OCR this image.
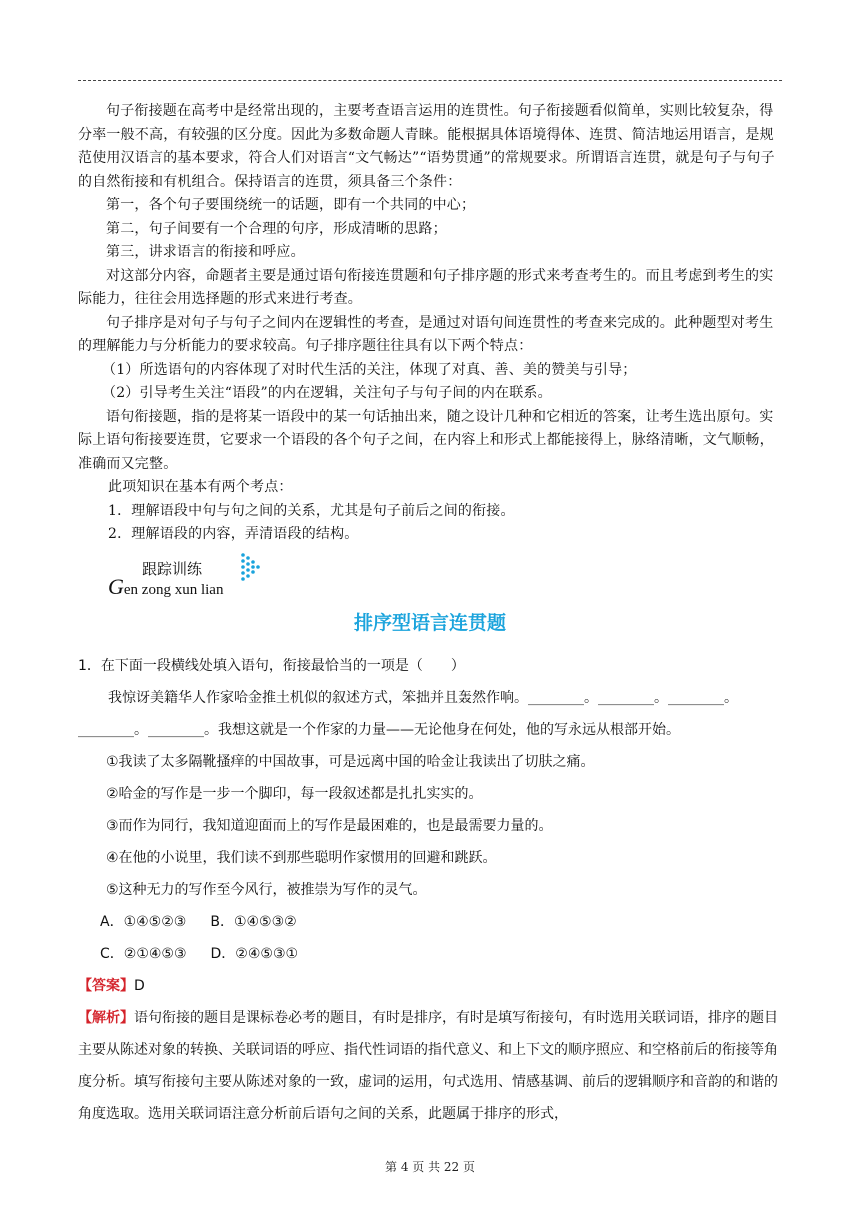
句子衔接题在高考中是经常出现的，主要考查语言运用的连贯性。句子衔接题看似简单，实则比较复杂，得分率一般不高，有较强的区分度。因此为多数命题人青睐。能根据具体语境得体、连贯、简洁地运用语言，是规范使用汉语言的基本要求，符合人们对语言“文气畅达”“语势贯通”的常规要求。所谓语言连贯，就是句子与句子的自然衔接和有机组合。保持语言的连贯，须具备三个条件：

第一，各个句子要围绕统一的话题，即有一个共同的中心；

第二，句子间要有一个合理的句序，形成清晰的思路；

第三，讲求语言的衔接和呼应。

对这部分内容，命题者主要是通过语句衔接连贯题和句子排序题的形式来考查考生的。而且考虑到考生的实际能力，往往会用选择题的形式来进行考查。

句子排序是对句子与句子之间内在逻辑性的考查，是通过对语句间连贯性的考查来完成的。此种题型对考生的理解能力与分析能力的要求较高。句子排序题往往具有以下两个特点：

（1）所选语句的内容体现了对时代生活的关注，体现了对真、善、美的赞美与引导；

（2）引导考生关注“语段”的内在逻辑，关注句子与句子间的内在联系。

语句衔接题，指的是将某一语段中的某一句话抽出来，随之设计几种和它相近的答案，让考生选出原句。实际上语句衔接要连贯，它要求一个语段的各个句子之间，在内容上和形式上都能接得上，脉络清晰，文气顺畅，准确而又完整。

此项知识在基本有两个考点：

1．理解语段中句与句之间的关系，尤其是句子前后之间的衔接。

2．理解语段的内容，弄清语段的结构。

跟踪训练
Gen zong xun lian
排序型语言连贯题

1．在下面一段横线处填入语句，衔接最恰当的一项是（　　）

我惊讶美籍华人作家哈金推土机似的叙述方式，笨拙并且轰然作响。________。________。________。________。________。我想这就是一个作家的力量——无论他身在何处，他的写永远从根部开始。

①我读了太多隔靴搔痒的中国故事，可是远离中国的哈金让我读出了切肤之痛。

②哈金的写作是一步一个脚印，每一段叙述都是扎扎实实的。

③而作为同行，我知道迎面而上的写作是最困难的，也是最需要力量的。

④在他的小说里，我们读不到那些聪明作家惯用的回避和跳跃。

⑤这种无力的写作至今风行，被推崇为写作的灵气。

A．①④⑤②③ B．①④⑤③②

C．②①④⑤③ D．②④⑤③①

【答案】D

【解析】语句衔接的题目是课标卷必考的题目，有时是排序，有时是填写衔接句，有时选用关联词语，排序的题目主要从陈述对象的转换、关联词语的呼应、指代性词语的指代意义、和上下文的顺序照应、和空格前后的衔接等角度分析。填写衔接句主要从陈述对象的一致，虚词的运用，句式选用、情感基调、前后的逻辑顺序和音韵的和谐的角度选取。选用关联词语注意分析前后语句之间的关系，此题属于排序的形式，

第 4 页 共 22 页
